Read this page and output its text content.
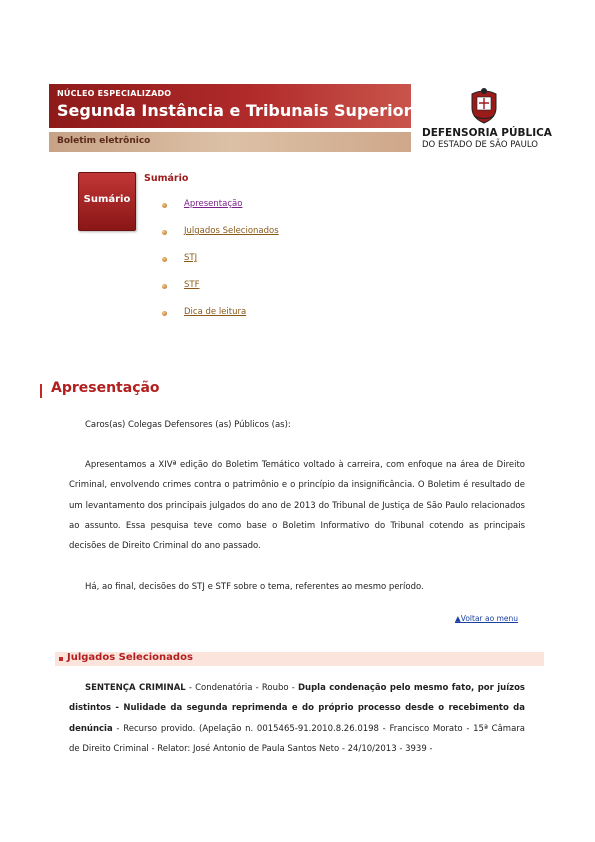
NÚCLEO ESPECIALIZADO
Segunda Instância e Tribunais Superiores
Boletim eletrônico
DEFENSORIA PÚBLICA
DO ESTADO DE SÃO PAULO
Sumário
Sumário
Apresentação
Julgados Selecionados
STJ
STF
Dica de leitura
Apresentação
Caros(as) Colegas Defensores (as) Públicos (as):
Apresentamos a XIVª edição do Boletim Temático voltado à carreira, com enfoque na área de Direito Criminal, envolvendo crimes contra o patrimônio e o princípio da insignificância. O Boletim é resultado de um levantamento dos principais julgados do ano de 2013 do Tribunal de Justiça de São Paulo relacionados ao assunto. Essa pesquisa teve como base o Boletim Informativo do Tribunal cotendo as principais decisões de Direito Criminal do ano passado.
Há, ao final, decisões do STJ e STF sobre o tema, referentes ao mesmo período.
▲Voltar ao menu
Julgados Selecionados
SENTENÇA CRIMINAL - Condenatória - Roubo - Dupla condenação pelo mesmo fato, por juízos distintos - Nulidade da segunda reprimenda e do próprio processo desde o recebimento da denúncia - Recurso provido. (Apelação n. 0015465-91.2010.8.26.0198 - Francisco Morato - 15ª Câmara de Direito Criminal - Relator: José Antonio de Paula Santos Neto - 24/10/2013 - 3939 -
